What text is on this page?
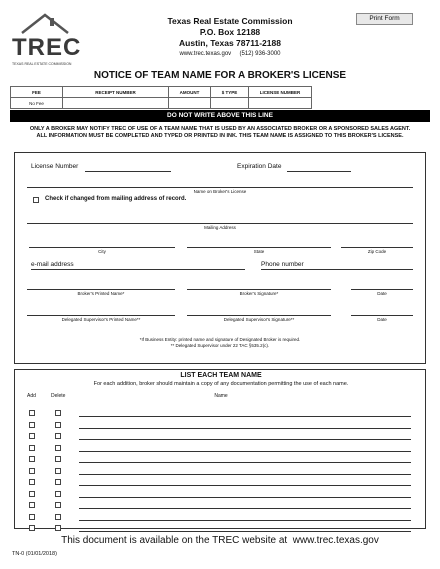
TREC
TEXAS REAL ESTATE COMMISSION
Texas Real Estate Commission
P.O. Box 12188
Austin, Texas 78711-2188
www.trec.texas.gov     (512) 936-3000
Print Form
NOTICE OF TEAM NAME FOR A BROKER'S LICENSE
FEE	RECEIPT NUMBER	AMOUNT	$ TYPE	LICENSE NUMBER
No Fee				
DO NOT WRITE ABOVE THIS LINE
ONLY A BROKER MAY NOTIFY TREC OF USE OF A TEAM NAME THAT IS USED BY AN ASSOCIATED BROKER OR A SPONSORED SALES AGENT.
ALL INFORMATION MUST BE COMPLETED AND TYPED OR PRINTED IN INK. THIS TEAM NAME IS ASSIGNED TO THIS BROKER'S LICENSE.
License Number	Expiration Date
Name on Broker's License
Check if changed from mailing address of record.
Mailing Address
City	State	Zip Code
e-mail address	Phone number
Broker's Printed Name*	Broker's Signature*	Date
Delegated Supervisor's Printed Name**	Delegated Supervisor's Signature**	Date
*If Business Entity: printed name and signature of Designated Broker is required.
** Delegated Supervisor under 22 TAC §535.2(c).
LIST EACH TEAM NAME
For each addition, broker should maintain a copy of any documentation permitting the use of each name.
Add	Delete	Name
This document is available on the TREC website at  www.trec.texas.gov
TN-0 (01/01/2018)
